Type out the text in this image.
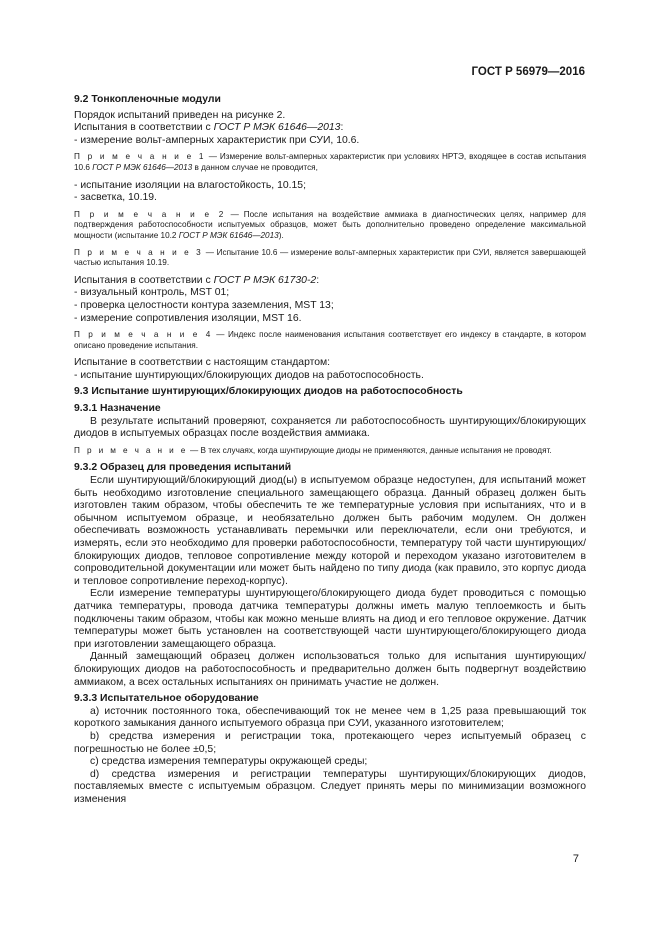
ГОСТ Р 56979—2016

9.2 Тонкопленочные модули

Порядок испытаний приведен на рисунке 2.

Испытания в соответствии с ГОСТ Р МЭК 61646—2013:

- измерение вольт-амперных характеристик при СУИ, 10.6.

П р и м е ч а н и е 1 — Измерение вольт-амперных характеристик при условиях НРТЭ, входящее в состав испытания 10.6 ГОСТ Р МЭК 61646—2013 в данном случае не проводится,

- испытание изоляции на влагостойкость, 10.15;

- засветка, 10.19.

П р и м е ч а н и е 2 — После испытания на воздействие аммиака в диагностических целях, например для подтверждения работоспособности испытуемых образцов, может быть дополнительно проведено определение максимальной мощности (испытание 10.2 ГОСТ Р МЭК 61646—2013).

П р и м е ч а н и е 3 — Испытание 10.6 — измерение вольт-амперных характеристик при СУИ, является завершающей частью испытания 10.19.

Испытания в соответствии с ГОСТ Р МЭК 61730-2:

- визуальный контроль, MST 01;

- проверка целостности контура заземления, MST 13;

- измерение сопротивления изоляции, MST 16.

П р и м е ч а н и е 4 — Индекс после наименования испытания соответствует его индексу в стандарте, в котором описано проведение испытания.

Испытание в соответствии с настоящим стандартом:

- испытание шунтирующих/блокирующих диодов на работоспособность.

9.3 Испытание шунтирующих/блокирующих диодов на работоспособность

9.3.1 Назначение

В результате испытаний проверяют, сохраняется ли работоспособность шунтирующих/блокирующих диодов в испытуемых образцах после воздействия аммиака.

П р и м е ч а н и е — В тех случаях, когда шунтирующие диоды не применяются, данные испытания не проводят.

9.3.2 Образец для проведения испытаний

Если шунтирующий/блокирующий диод(ы) в испытуемом образце недоступен, для испытаний может быть необходимо изготовление специального замещающего образца. Данный образец должен быть изготовлен таким образом, чтобы обеспечить те же температурные условия при испытаниях, что и в обычном испытуемом образце, и необязательно должен быть рабочим модулем. Он должен обеспечивать возможность устанавливать перемычки или переключатели, если они требуются, и измерять, если это необходимо для проверки работоспособности, температуру той части шунтирующих/блокирующих диодов, тепловое сопротивление между которой и переходом указано изготовителем в сопроводительной документации или может быть найдено по типу диода (как правило, это корпус диода и тепловое сопротивление переход-корпус).

Если измерение температуры шунтирующего/блокирующего диода будет проводиться с помощью датчика температуры, провода датчика температуры должны иметь малую теплоемкость и быть подключены таким образом, чтобы как можно меньше влиять на диод и его тепловое окружение. Датчик температуры может быть установлен на соответствующей части шунтирующего/блокирующего диода при изготовлении замещающего образца.

Данный замещающий образец должен использоваться только для испытания шунтирующих/блокирующих диодов на работоспособность и предварительно должен быть подвергнут воздействию аммиаком, а всех остальных испытаниях он принимать участие не должен.

9.3.3 Испытательное оборудование

а) источник постоянного тока, обеспечивающий ток не менее чем в 1,25 раза превышающий ток короткого замыкания данного испытуемого образца при СУИ, указанного изготовителем;

b) средства измерения и регистрации тока, протекающего через испытуемый образец с погрешностью не более ±0,5;

c) средства измерения температуры окружающей среды;

d) средства измерения и регистрации температуры шунтирующих/блокирующих диодов, поставляемых вместе с испытуемым образцом. Следует принять меры по минимизации возможного изменения

7
